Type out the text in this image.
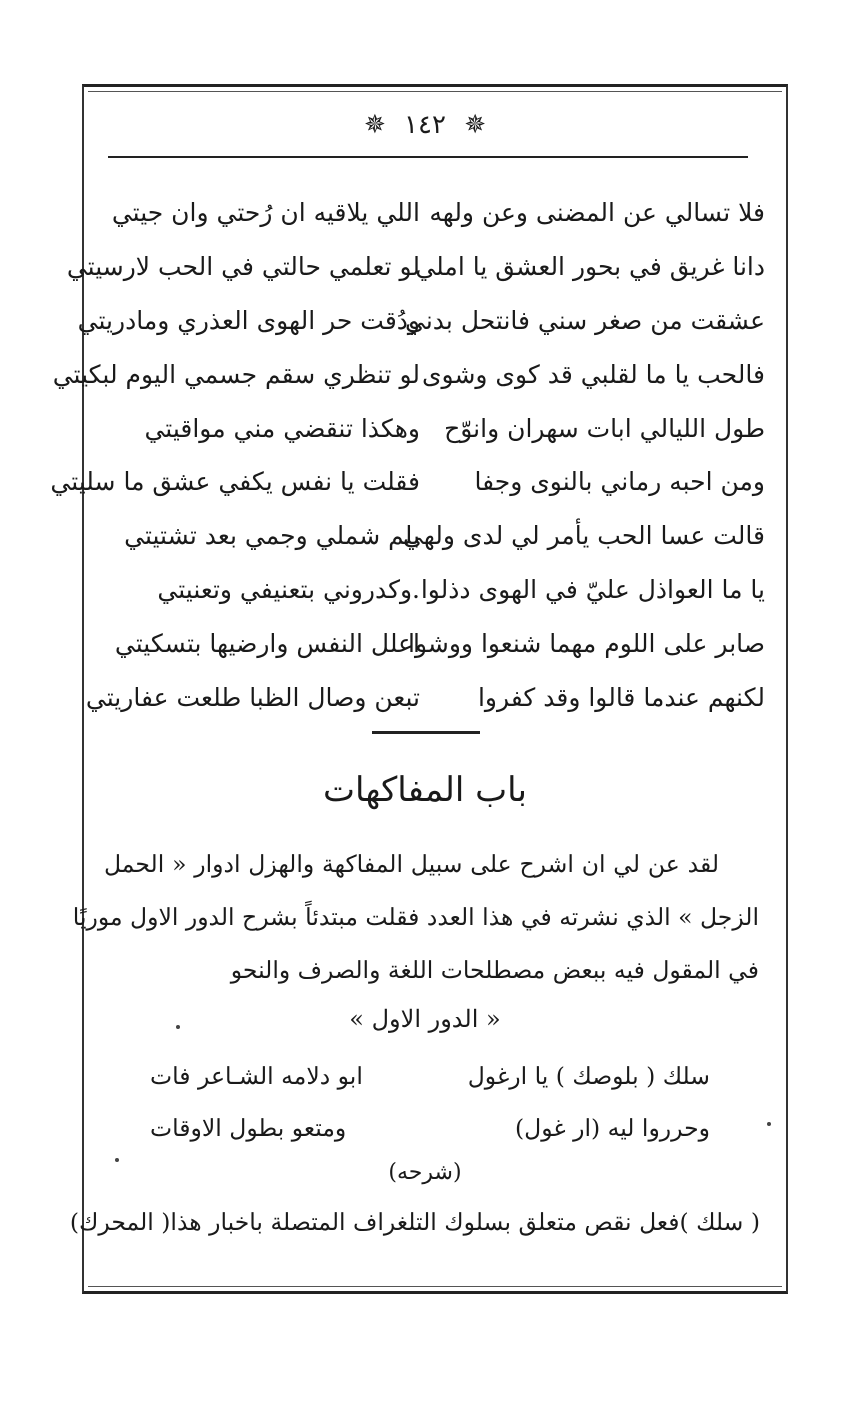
✵ ١٤٢ ✵
فلا تسالي عن المضنى وعن ولهه
اللي يلاقيه ان رُحتي وان جيتي
دانا غريق في بحور العشق يا املي
لو تعلمي حالتي في الحب لارسيتي
عشقت من صغر سني فانتحل بدني
ودُقت حر الهوى العذري ومادريتي
فالحب يا ما لقلبي قد كوى وشوى
لو تنظري سقم جسمي اليوم لبكيتي
طول الليالي ابات سهران وانوّح
وهكذا تنقضي مني مواقيتي
ومن احبه رماني بالنوى وجفا
فقلت يا نفس يكفي عشق ما سليتي
قالت عسا الحب يأمر لي لدى ولهي
بلم شملي وجمي بعد تشتيتي
يا ما العواذل عليّ في الهوى دذلوا
.وكدروني بتعنيفي وتعنيتي
صابر على اللوم مهما شنعوا ووشوا
اعلل النفس وارضيها بتسكيتي
لكنهم عندما قالوا وقد كفروا
تبعن وصال الظبا طلعت عفاريتي
باب المفاكهات
لقد عن لي ان اشرح على سبيل المفاكهة والهزل ادوار « الحمل
الزجل » الذي نشرته في هذا العدد فقلت مبتدئاً بشرح الدور الاول موريًا
في المقول فيه ببعض مصطلحات اللغة والصرف والنحو
« الدور الاول »
سلك ( بلوصك ) يا ارغول
ابو دلامه الشـاعر فات
وحرروا ليه (ار غول)
ومتعو بطول الاوقات
(شرحه)
( سلك )فعل نقص متعلق بسلوك التلغراف المتصلة باخبار هذا( المحرك)
